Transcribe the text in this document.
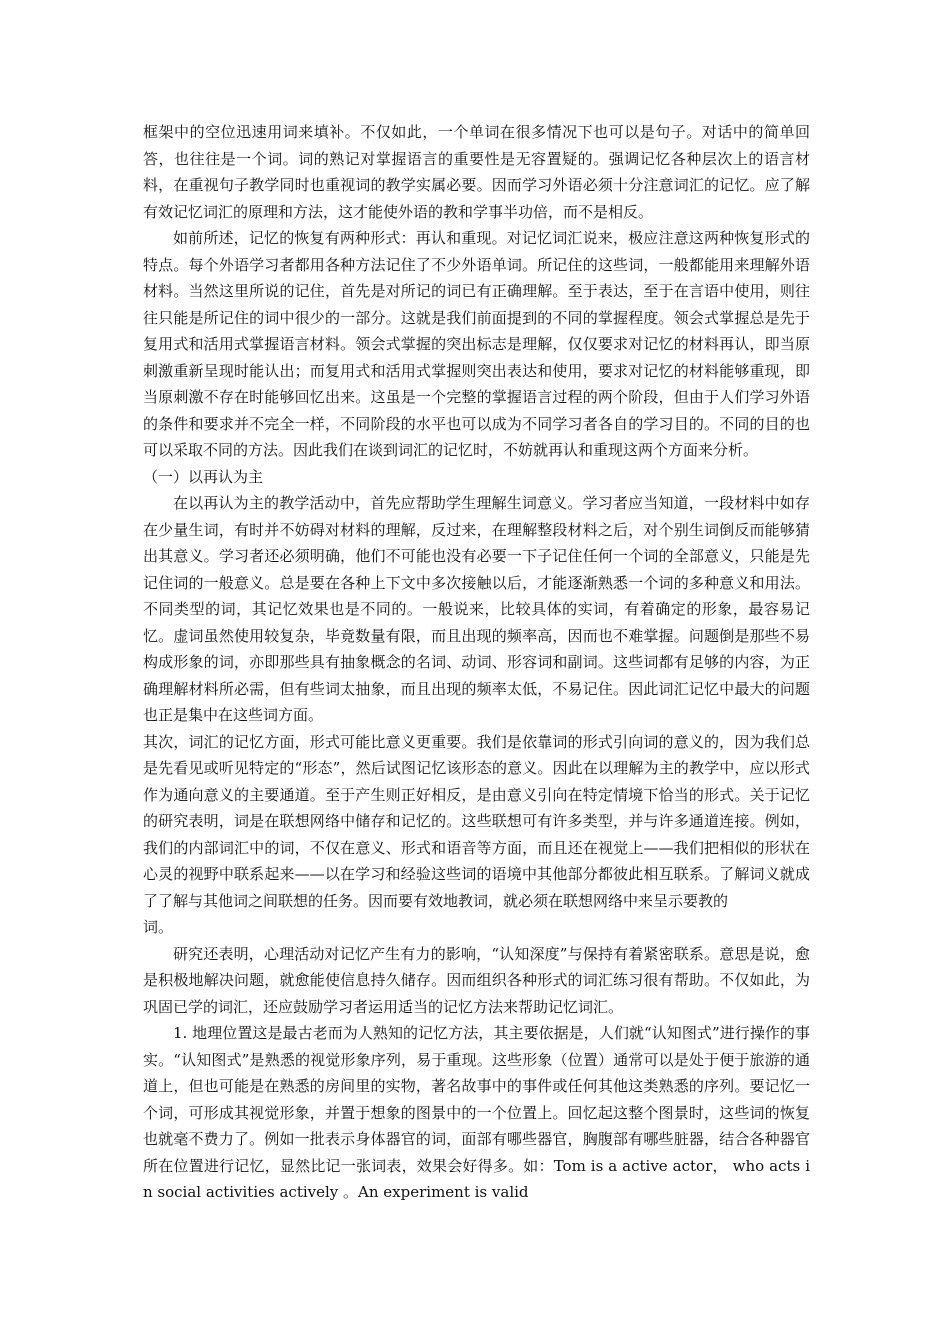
框架中的空位迅速用词来填补。不仅如此，一个单词在很多情况下也可以是句子。对话中的简单回答，也往往是一个词。词的熟记对掌握语言的重要性是无容置疑的。强调记忆各种层次上的语言材料，在重视句子教学同时也重视词的教学实属必要。因而学习外语必须十分注意词汇的记忆。应了解有效记忆词汇的原理和方法，这才能使外语的教和学事半功倍，而不是相反。

如前所述，记忆的恢复有两种形式：再认和重现。对记忆词汇说来，极应注意这两种恢复形式的特点。每个外语学习者都用各种方法记住了不少外语单词。所记住的这些词，一般都能用来理解外语材料。当然这里所说的记住，首先是对所记的词已有正确理解。至于表达，至于在言语中使用，则往往只能是所记住的词中很少的一部分。这就是我们前面提到的不同的掌握程度。领会式掌握总是先于复用式和活用式掌握语言材料。领会式掌握的突出标志是理解，仅仅要求对记忆的材料再认，即当原刺激重新呈现时能认出；而复用式和活用式掌握则突出表达和使用，要求对记忆的材料能够重现，即当原刺激不存在时能够回忆出来。这虽是一个完整的掌握语言过程的两个阶段，但由于人们学习外语的条件和要求并不完全一样，不同阶段的水平也可以成为不同学习者各自的学习目的。不同的目的也可以采取不同的方法。因此我们在谈到词汇的记忆时，不妨就再认和重现这两个方面来分析。

（一）以再认为主

在以再认为主的教学活动中，首先应帮助学生理解生词意义。学习者应当知道，一段材料中如存在少量生词，有时并不妨碍对材料的理解，反过来，在理解整段材料之后，对个别生词倒反而能够猜出其意义。学习者还必须明确，他们不可能也没有必要一下子记住任何一个词的全部意义，只能是先记住词的一般意义。总是要在各种上下文中多次接触以后，才能逐渐熟悉一个词的多种意义和用法。不同类型的词，其记忆效果也是不同的。一般说来，比较具体的实词，有着确定的形象，最容易记忆。虚词虽然使用较复杂，毕竟数量有限，而且出现的频率高，因而也不难掌握。问题倒是那些不易构成形象的词，亦即那些具有抽象概念的名词、动词、形容词和副词。这些词都有足够的内容，为正确理解材料所必需，但有些词太抽象，而且出现的频率太低，不易记住。因此词汇记忆中最大的问题也正是集中在这些词方面。

其次，词汇的记忆方面，形式可能比意义更重要。我们是依靠词的形式引向词的意义的，因为我们总是先看见或听见特定的“形态”，然后试图记忆该形态的意义。因此在以理解为主的教学中，应以形式作为通向意义的主要通道。至于产生则正好相反，是由意义引向在特定情境下恰当的形式。关于记忆的研究表明，词是在联想网络中储存和记忆的。这些联想可有许多类型，并与许多通道连接。例如，我们的内部词汇中的词，不仅在意义、形式和语音等方面，而且还在视觉上——我们把相似的形状在心灵的视野中联系起来——以在学习和经验这些词的语境中其他部分都彼此相互联系。了解词义就成了了解与其他词之间联想的任务。因而要有效地教词，就必须在联想网络中来呈示要教的

词。

研究还表明，心理活动对记忆产生有力的影响，“认知深度”与保持有着紧密联系。意思是说，愈是积极地解决问题，就愈能使信息持久储存。因而组织各种形式的词汇练习很有帮助。不仅如此，为巩固已学的词汇，还应鼓励学习者运用适当的记忆方法来帮助记忆词汇。

1. 地理位置这是最古老而为人熟知的记忆方法，其主要依据是，人们就“认知图式”进行操作的事实。“认知图式”是熟悉的视觉形象序列，易于重现。这些形象（位置）通常可以是处于便于旅游的通道上，但也可能是在熟悉的房间里的实物，著名故事中的事件或任何其他这类熟悉的序列。要记忆一个词，可形成其视觉形象，并置于想象的图景中的一个位置上。回忆起这整个图景时，这些词的恢复也就毫不费力了。例如一批表示身体器官的词，面部有哪些器官，胸腹部有哪些脏器，结合各种器官所在位置进行记忆，显然比记一张词表，效果会好得多。如：Tom is a active actor， who acts in social activities actively 。An experiment is valid
